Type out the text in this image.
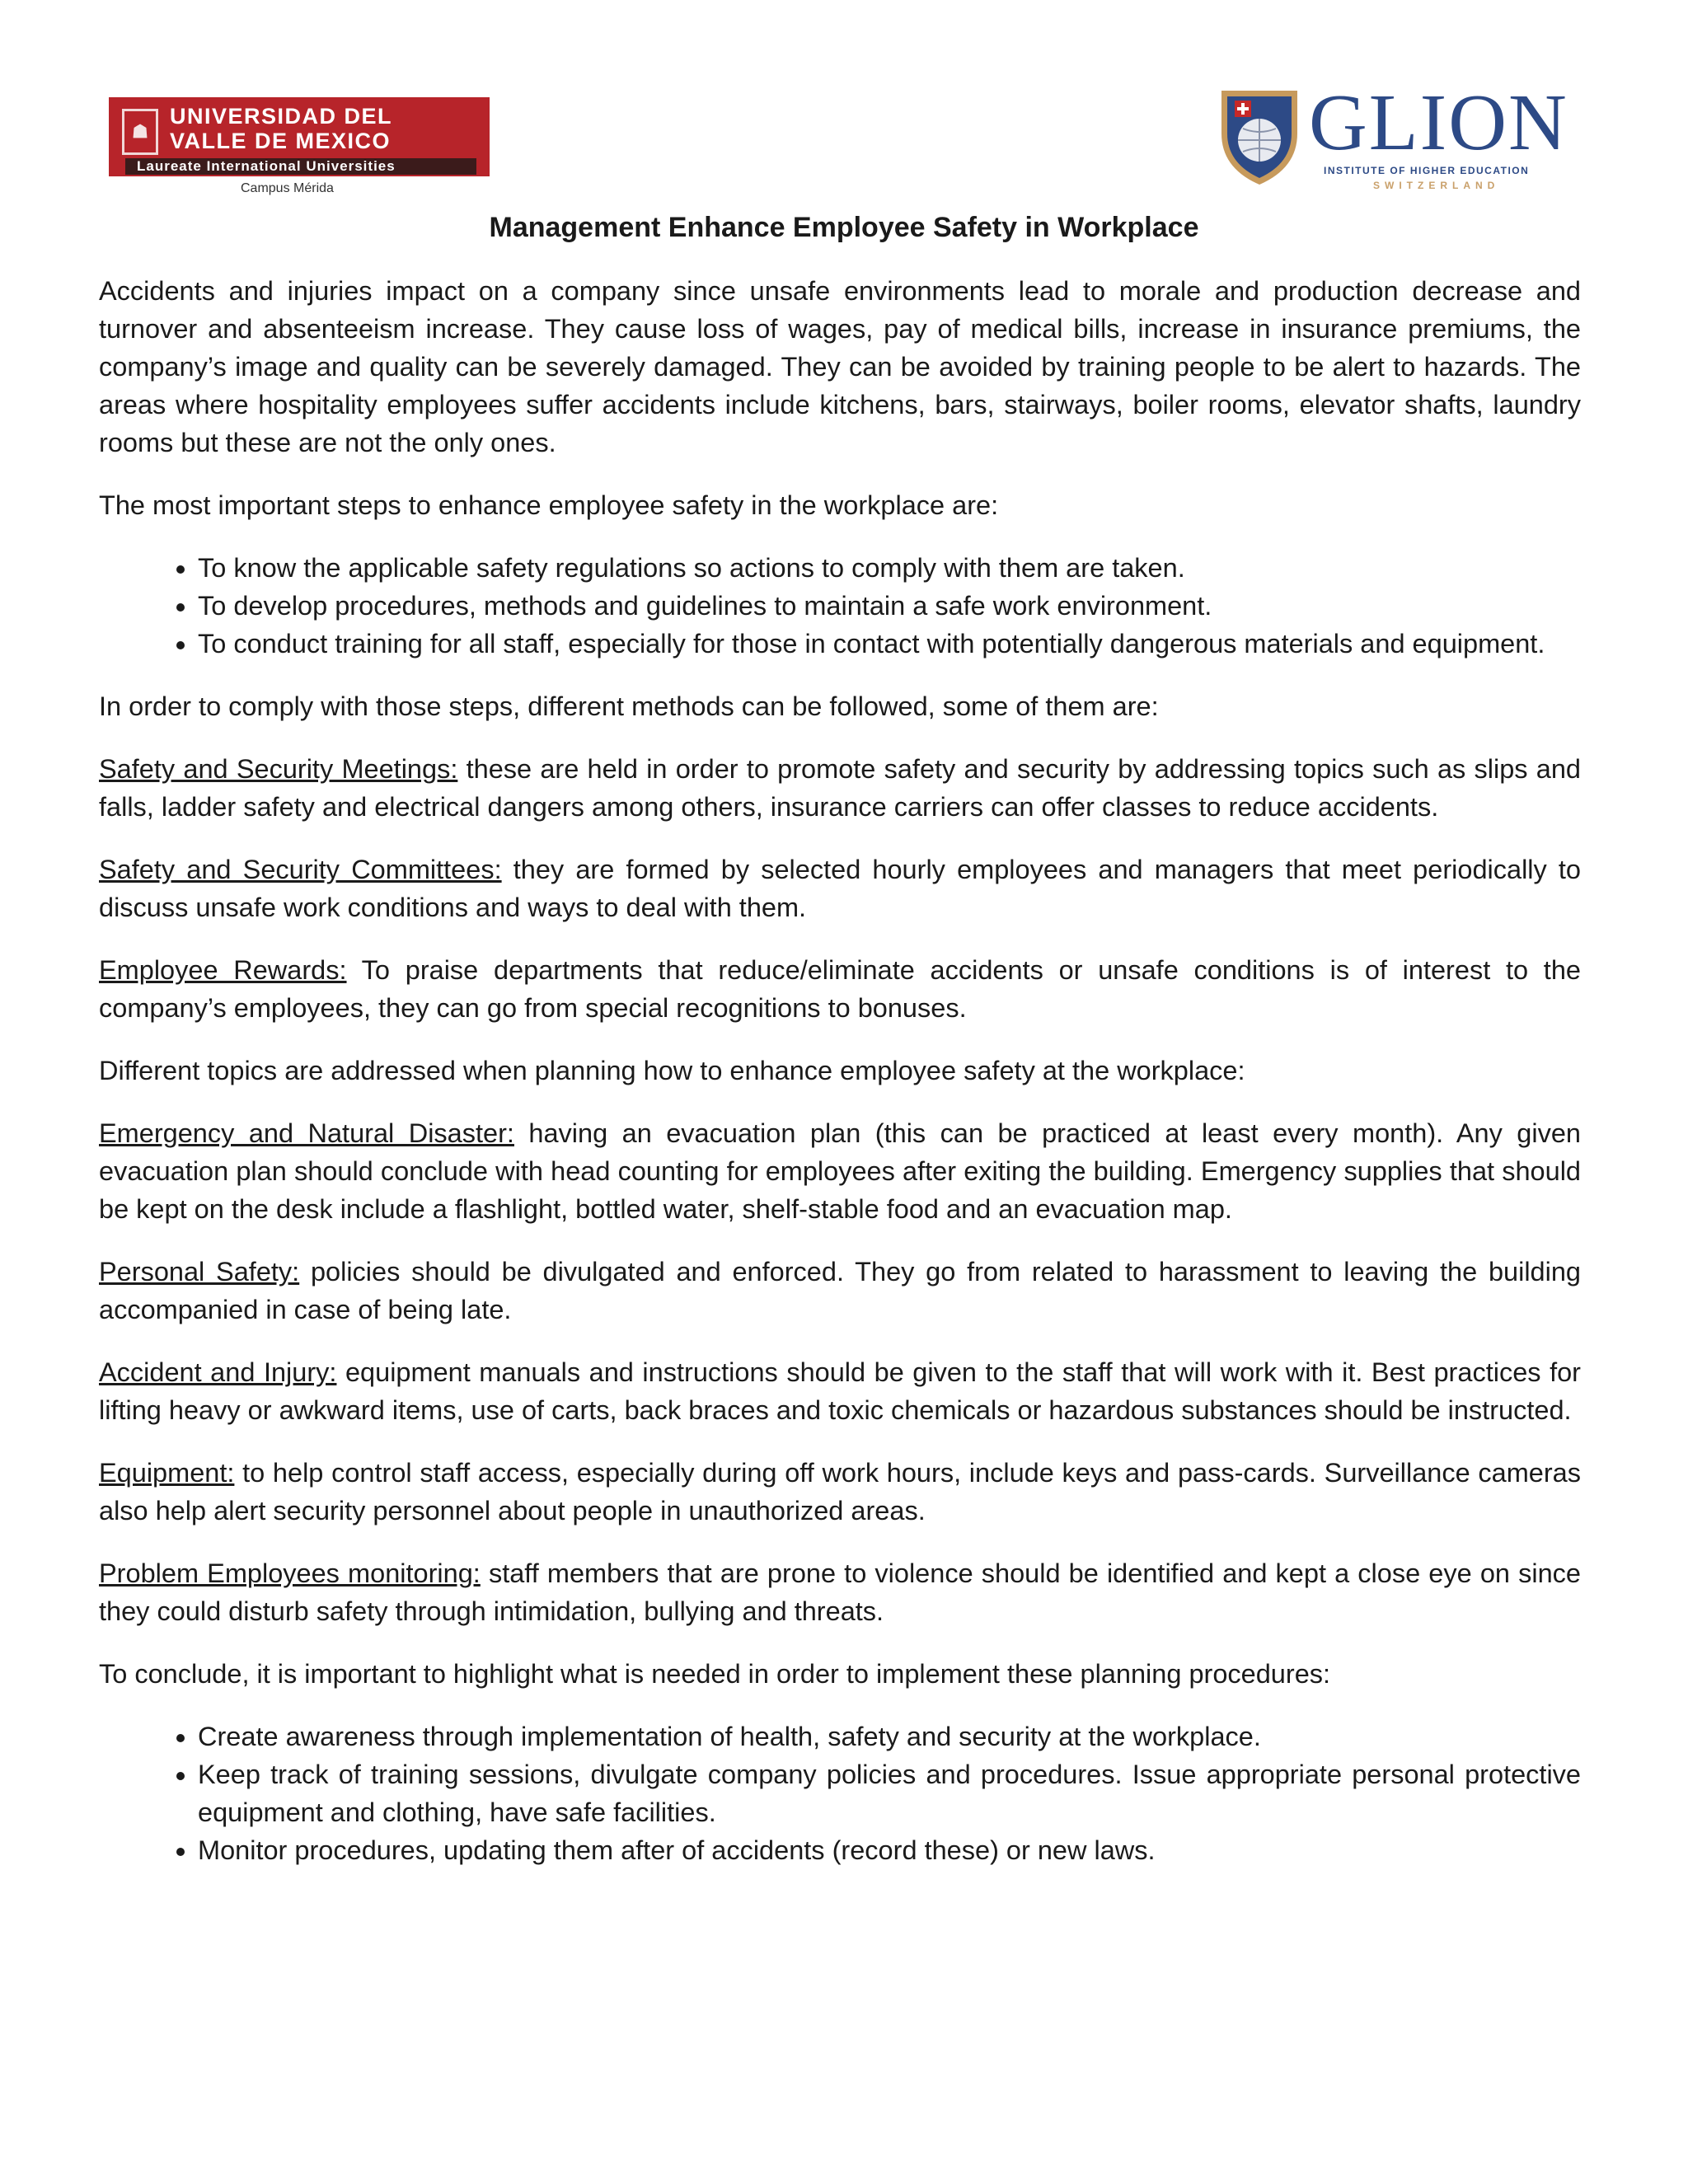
☗
UNIVERSIDAD DEL
VALLE DE MEXICO
Laureate International Universities
Campus Mérida
GLION
INSTITUTE OF HIGHER EDUCATION
SWITZERLAND
Management Enhance Employee Safety in Workplace

Accidents and injuries impact on a company since unsafe environments lead to morale and production decrease and turnover and absenteeism increase. They cause loss of wages, pay of medical bills, increase in insurance premiums, the company’s image and quality can be severely damaged. They can be avoided by training people to be alert to hazards. The areas where hospitality employees suffer accidents include kitchens, bars, stairways, boiler rooms, elevator shafts, laundry rooms but these are not the only ones.

The most important steps to enhance employee safety in the workplace are:

• To know the applicable safety regulations so actions to comply with them are taken.
• To develop procedures, methods and guidelines to maintain a safe work environment.
• To conduct training for all staff, especially for those in contact with potentially dangerous materials and equipment.

In order to comply with those steps, different methods can be followed, some of them are:

Safety and Security Meetings: these are held in order to promote safety and security by addressing topics such as slips and falls, ladder safety and electrical dangers among others, insurance carriers can offer classes to reduce accidents.

Safety and Security Committees: they are formed by selected hourly employees and managers that meet periodically to discuss unsafe work conditions and ways to deal with them.

Employee Rewards: To praise departments that reduce/eliminate accidents or unsafe conditions is of interest to the company’s employees, they can go from special recognitions to bonuses.

Different topics are addressed when planning how to enhance employee safety at the workplace:

Emergency and Natural Disaster: having an evacuation plan (this can be practiced at least every month). Any given evacuation plan should conclude with head counting for employees after exiting the building. Emergency supplies that should be kept on the desk include a flashlight, bottled water, shelf-stable food and an evacuation map.

Personal Safety: policies should be divulgated and enforced. They go from related to harassment to leaving the building accompanied in case of being late.

Accident and Injury: equipment manuals and instructions should be given to the staff that will work with it. Best practices for lifting heavy or awkward items, use of carts, back braces and toxic chemicals or hazardous substances should be instructed.

Equipment: to help control staff access, especially during off work hours, include keys and pass-cards. Surveillance cameras also help alert security personnel about people in unauthorized areas.

Problem Employees monitoring: staff members that are prone to violence should be identified and kept a close eye on since they could disturb safety through intimidation, bullying and threats.

To conclude, it is important to highlight what is needed in order to implement these planning procedures:

• Create awareness through implementation of health, safety and security at the workplace.
• Keep track of training sessions, divulgate company policies and procedures. Issue appropriate personal protective equipment and clothing, have safe facilities.
• Monitor procedures, updating them after of accidents (record these) or new laws.
